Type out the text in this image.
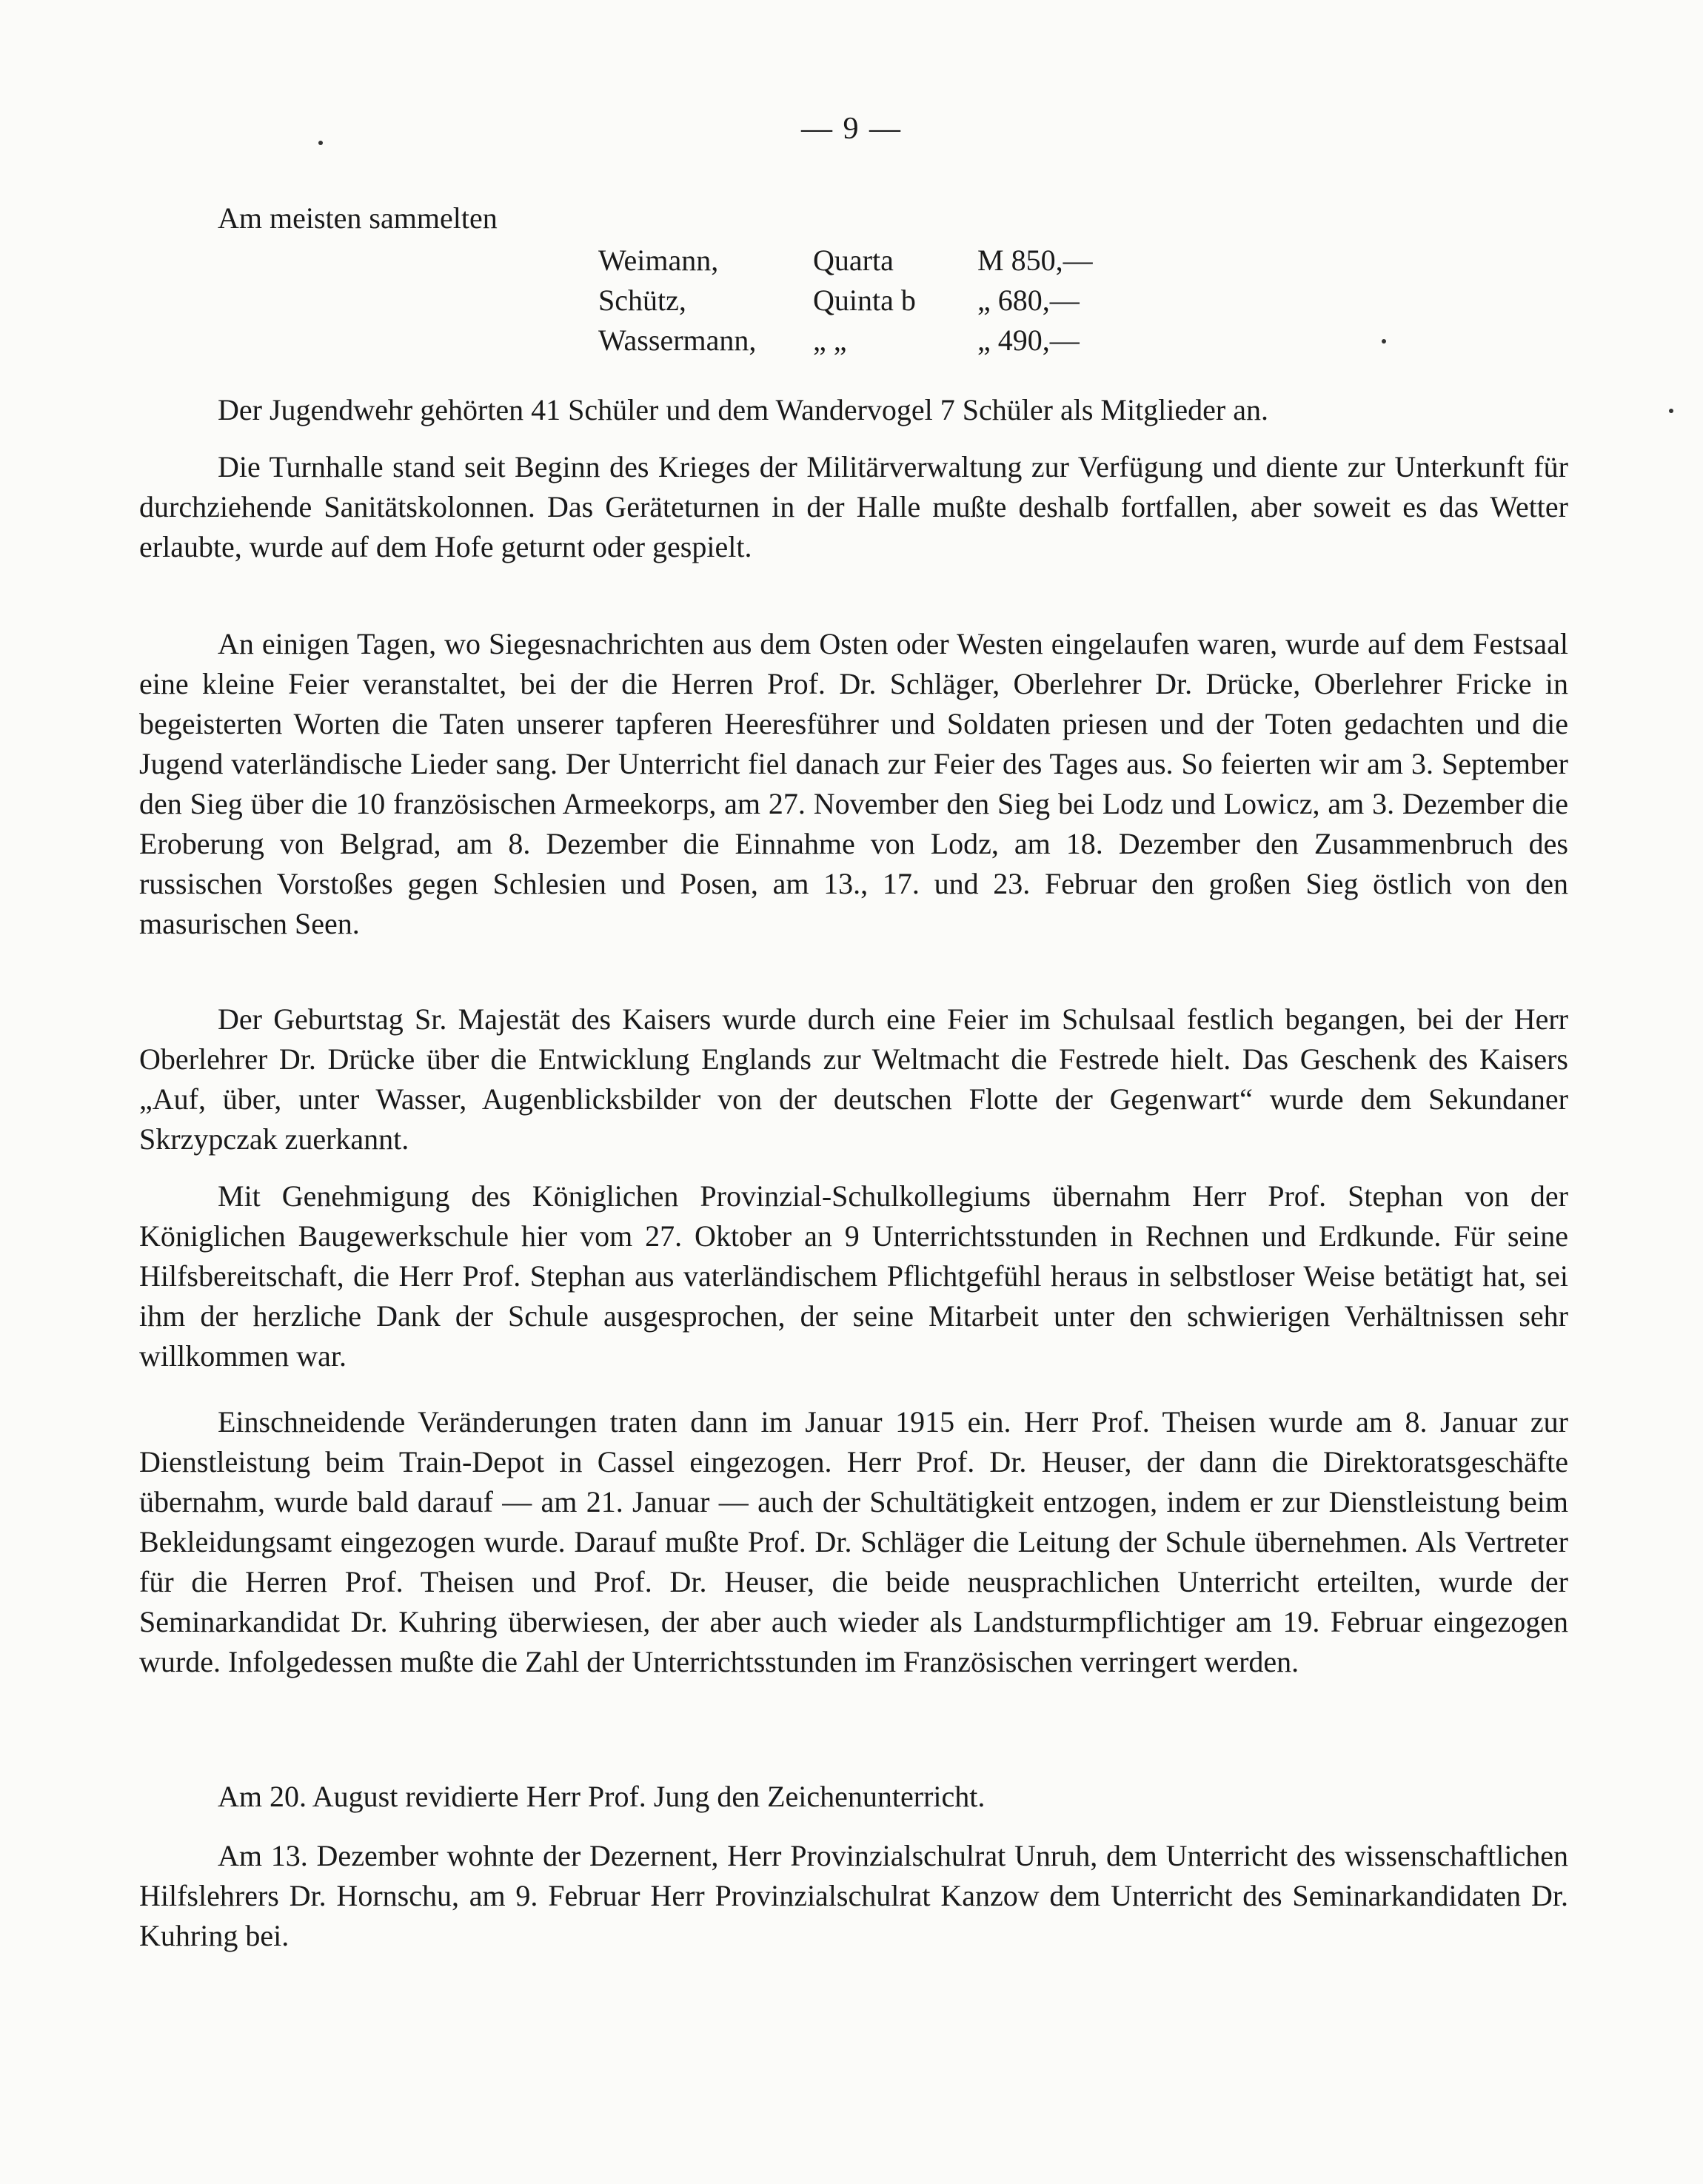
— 9 —
Am meisten sammelten
Weimann,	Quarta	M 850,—
Schütz,	Quinta b	„ 680,—
Wassermann,	„ „	„ 490,—

Der Jugendwehr gehörten 41 Schüler und dem Wandervogel 7 Schüler als Mitglieder an.

Die Turnhalle stand seit Beginn des Krieges der Militärverwaltung zur Verfügung und diente zur Unterkunft für durchziehende Sanitätskolonnen. Das Geräteturnen in der Halle mußte deshalb fortfallen, aber soweit es das Wetter erlaubte, wurde auf dem Hofe geturnt oder gespielt.

An einigen Tagen, wo Siegesnachrichten aus dem Osten oder Westen eingelaufen waren, wurde auf dem Festsaal eine kleine Feier veranstaltet, bei der die Herren Prof. Dr. Schläger, Oberlehrer Dr. Drücke, Oberlehrer Fricke in begeisterten Worten die Taten unserer tapferen Heeresführer und Soldaten priesen und der Toten gedachten und die Jugend vaterländische Lieder sang. Der Unterricht fiel danach zur Feier des Tages aus. So feierten wir am 3. September den Sieg über die 10 französischen Armeekorps, am 27. November den Sieg bei Lodz und Lowicz, am 3. Dezember die Eroberung von Belgrad, am 8. Dezember die Einnahme von Lodz, am 18. Dezember den Zusammenbruch des russischen Vorstoßes gegen Schlesien und Posen, am 13., 17. und 23. Februar den großen Sieg östlich von den masurischen Seen.

Der Geburtstag Sr. Majestät des Kaisers wurde durch eine Feier im Schulsaal festlich begangen, bei der Herr Oberlehrer Dr. Drücke über die Entwicklung Englands zur Weltmacht die Festrede hielt. Das Geschenk des Kaisers „Auf, über, unter Wasser, Augenblicksbilder von der deutschen Flotte der Gegenwart“ wurde dem Sekundaner Skrzypczak zuerkannt.

Mit Genehmigung des Königlichen Provinzial-Schulkollegiums übernahm Herr Prof. Stephan von der Königlichen Baugewerkschule hier vom 27. Oktober an 9 Unterrichtsstunden in Rechnen und Erdkunde. Für seine Hilfsbereitschaft, die Herr Prof. Stephan aus vaterländischem Pflichtgefühl heraus in selbstloser Weise betätigt hat, sei ihm der herzliche Dank der Schule ausgesprochen, der seine Mitarbeit unter den schwierigen Verhältnissen sehr willkommen war.

Einschneidende Veränderungen traten dann im Januar 1915 ein. Herr Prof. Theisen wurde am 8. Januar zur Dienstleistung beim Train-Depot in Cassel eingezogen. Herr Prof. Dr. Heuser, der dann die Direktoratsgeschäfte übernahm, wurde bald darauf — am 21. Januar — auch der Schultätigkeit entzogen, indem er zur Dienstleistung beim Bekleidungsamt eingezogen wurde. Darauf mußte Prof. Dr. Schläger die Leitung der Schule übernehmen. Als Vertreter für die Herren Prof. Theisen und Prof. Dr. Heuser, die beide neusprachlichen Unterricht erteilten, wurde der Seminarkandidat Dr. Kuhring überwiesen, der aber auch wieder als Landsturmpflichtiger am 19. Februar eingezogen wurde. Infolgedessen mußte die Zahl der Unterrichtsstunden im Französischen verringert werden.

Am 20. August revidierte Herr Prof. Jung den Zeichenunterricht.

Am 13. Dezember wohnte der Dezernent, Herr Provinzialschulrat Unruh, dem Unterricht des wissenschaftlichen Hilfslehrers Dr. Hornschu, am 9. Februar Herr Provinzialschulrat Kanzow dem Unterricht des Seminarkandidaten Dr. Kuhring bei.
